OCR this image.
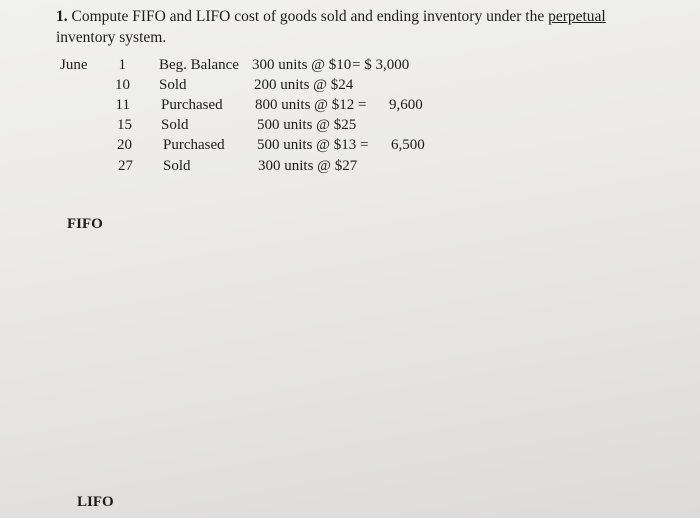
1. Compute FIFO and LIFO cost of goods sold and ending inventory under the perpetual inventory system.
June	1 Beg. Balance 300 units @ $10 = $ 3,000
10 Sold	200 units @ $24
11 Purchased 800 units @ $12 = 9,600
15 Sold	500 units @ $25
20 Purchased 500 units @ $13 = 6,500
27 Sold	300 units @ $27
FIFO
LIFO
